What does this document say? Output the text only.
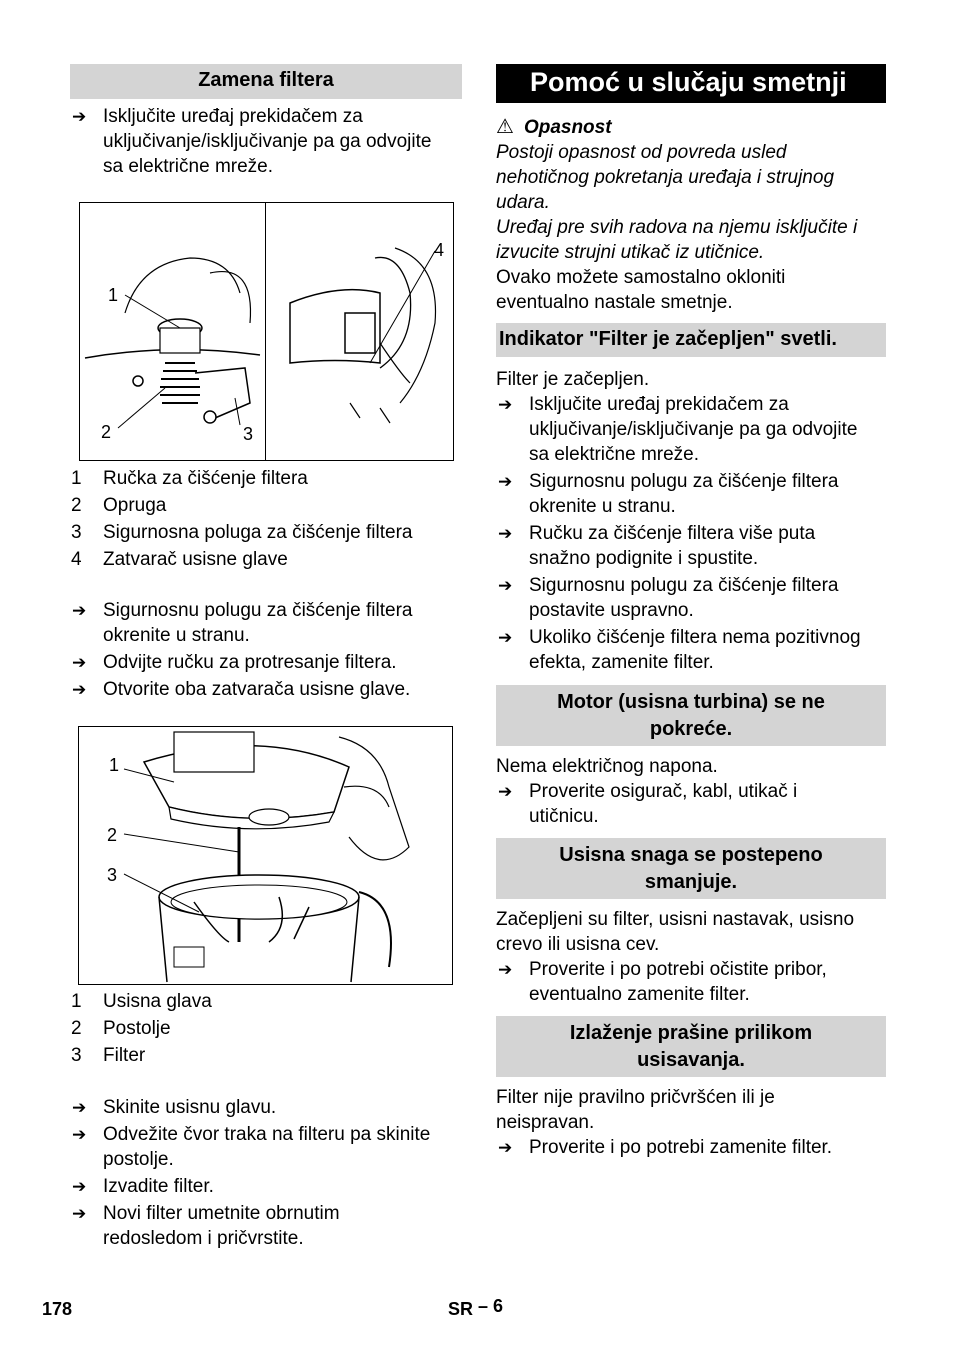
Zamena filtera
➔ Isključite uređaj prekidačem za
uključivanje/isključivanje pa ga odvojite
sa električne mreže.
1
2	3
4
1 Ručka za čišćenje filtera
2 Opruga
3 Sigurnosna poluga za čišćenje filtera
4 Zatvarač usisne glave
➔ Sigurnosnu polugu za čišćenje filtera
okrenite u stranu.
➔ Odvijte ručku za protresanje filtera.
➔ Otvorite oba zatvarača usisne glave.
1
2
3
1 Usisna glava
2 Postolje
3 Filter
➔ Skinite usisnu glavu.
➔ Odvežite čvor traka na filteru pa skinite
postolje.
➔ Izvadite filter.
➔ Novi filter umetnite obrnutim
redosledom i pričvrstite.
Pomoć u slučaju smetnji
⚠ Opasnost
Postoji opasnost od povreda usled
nehotičnog pokretanja uređaja i strujnog
udara.
Uređaj pre svih radova na njemu isključite i
izvucite strujni utikač iz utičnice.
Ovako možete samostalno okloniti
eventualno nastale smetnje.
Indikator "Filter je začepljen" svetli.
Filter je začepljen.
➔ Isključite uređaj prekidačem za
uključivanje/isključivanje pa ga odvojite
sa električne mreže.
➔ Sigurnosnu polugu za čišćenje filtera
okrenite u stranu.
➔ Ručku za čišćenje filtera više puta
snažno podignite i spustite.
➔ Sigurnosnu polugu za čišćenje filtera
postavite uspravno.
➔ Ukoliko čišćenje filtera nema pozitivnog
efekta, zamenite filter.
Motor (usisna turbina) se ne
pokreće.
Nema električnog napona.
➔ Proverite osigurač, kabl, utikač i
utičnicu.
Usisna snaga se postepeno
smanjuje.
Začepljeni su filter, usisni nastavak, usisno
crevo ili usisna cev.
➔ Proverite i po potrebi očistite pribor,
eventualno zamenite filter.
Izlaženje prašine prilikom
usisavanja.
Filter nije pravilno pričvršćen ili je
neispravan.
➔ Proverite i po potrebi zamenite filter.
178	SR – 6
